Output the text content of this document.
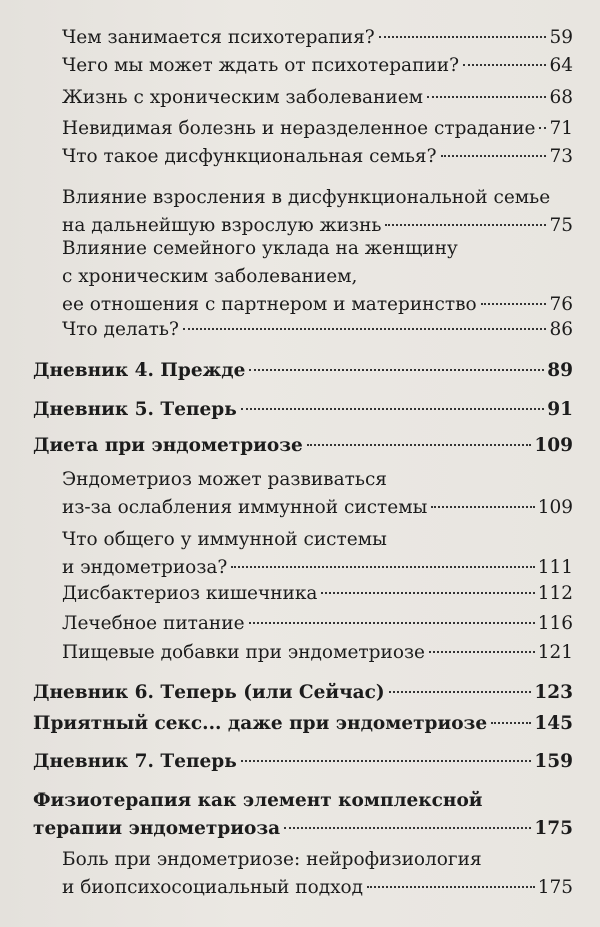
Чем занимается психотерапия?	59
Чего мы может ждать от психотерапии?	64
Жизнь с хроническим заболеванием	68
Невидимая болезнь и неразделенное страдание 71
Что такое дисфункциональная семья?	73
Влияние взросления в дисфункциональной семье
на дальнейшую взрослую жизнь	75
Влияние семейного уклада на женщину
с хроническим заболеванием,
ее отношения с партнером и материнство	76
Что делать?	86
Дневник 4. Прежде	89
Дневник 5. Теперь	91
Диета при эндометриозе	109
Эндометриоз может развиваться
из-за ослабления иммунной системы	109
Что общего у иммунной системы
и эндометриоза?	111
Дисбактериоз кишечника	112
Лечебное питание	116
Пищевые добавки при эндометриозе	121
Дневник 6. Теперь (или Сейчас)	123
Приятный секс... даже при эндометриозе	145
Дневник 7. Теперь	159
Физиотерапия как элемент комплексной
терапии эндометриоза	175
Боль при эндометриозе: нейрофизиология
и биопсихосоциальный подход	175
